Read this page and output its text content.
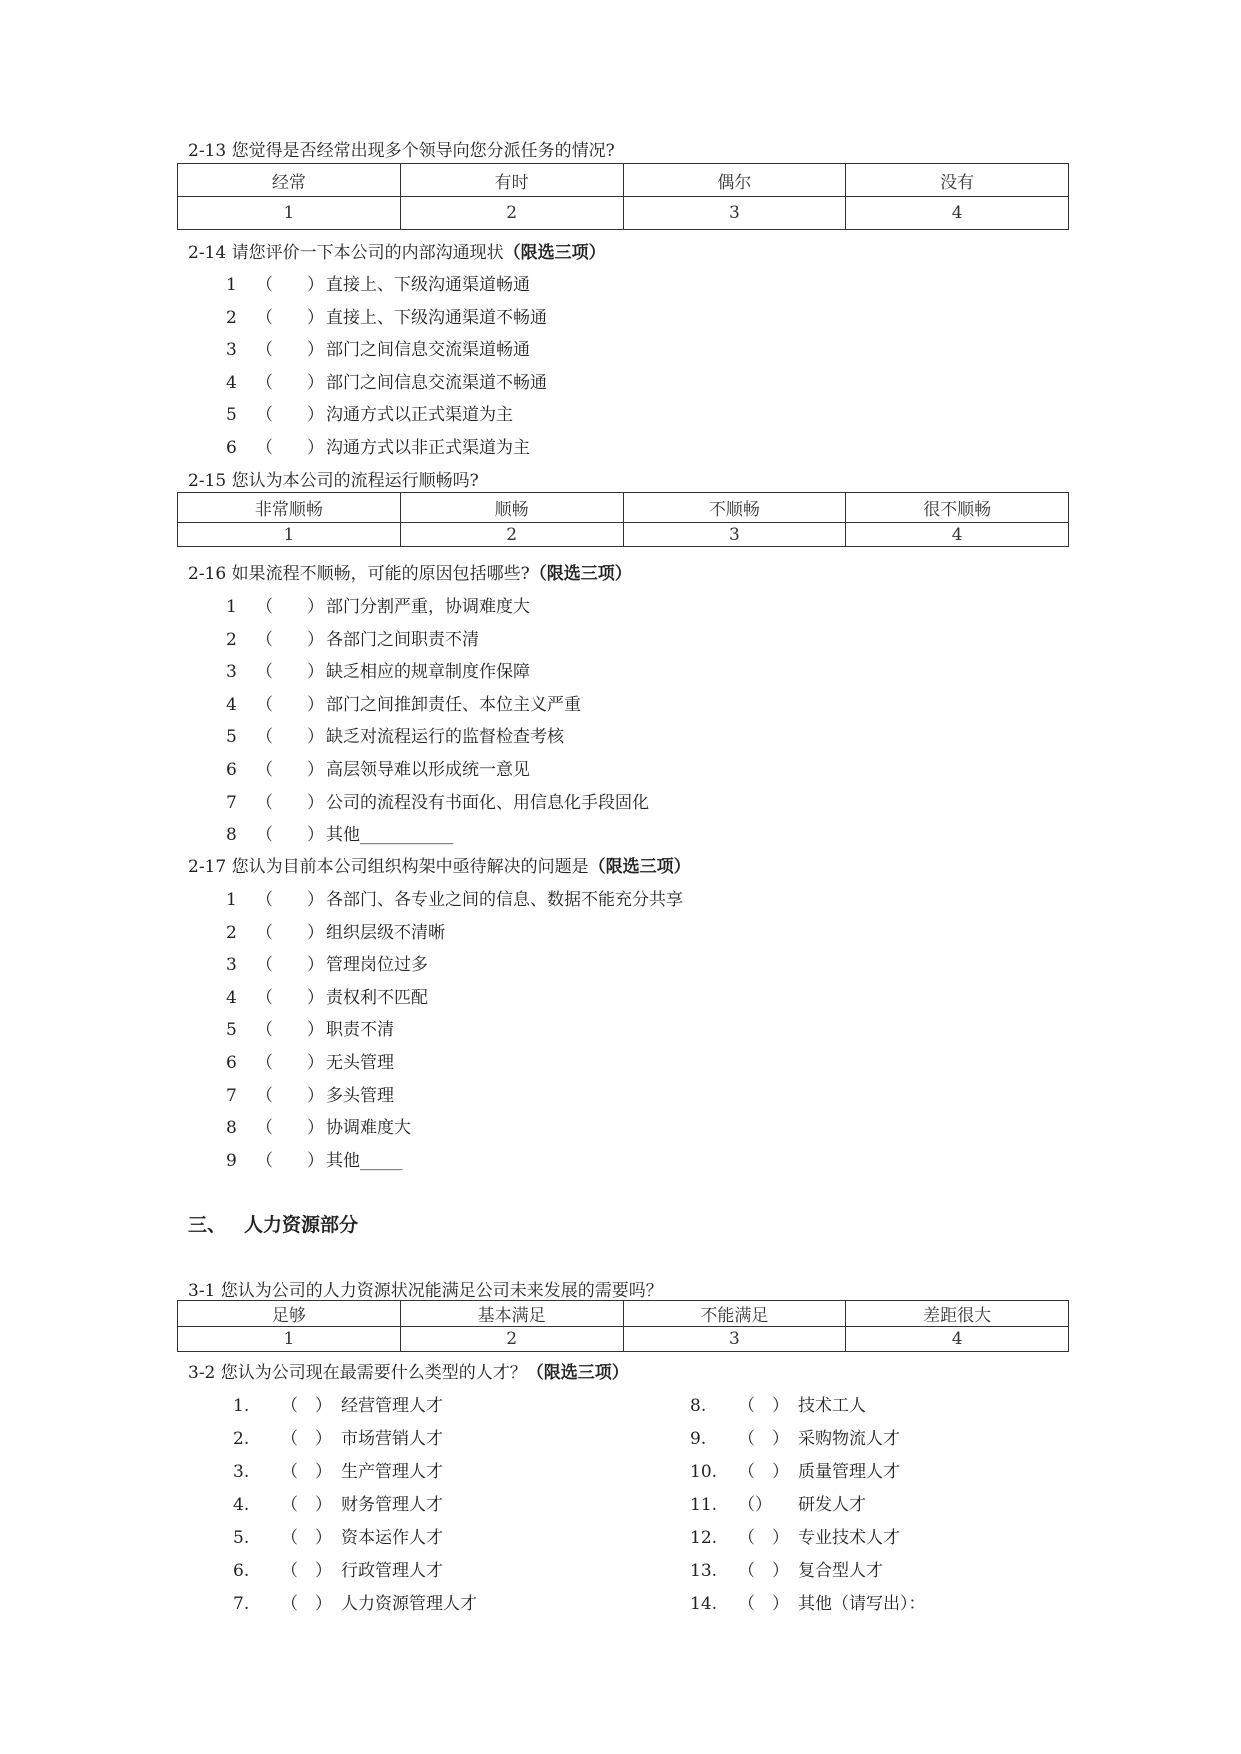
2-13 您觉得是否经常出现多个领导向您分派任务的情况?
经常	有时	偶尔	没有
1	2	3	4
2-14 请您评价一下本公司的内部沟通现状（限选三项）
1 （　　） 直接上、下级沟通渠道畅通
2 （　　） 直接上、下级沟通渠道不畅通
3 （　　） 部门之间信息交流渠道畅通
4 （　　） 部门之间信息交流渠道不畅通
5 （　　） 沟通方式以正式渠道为主
6 （　　） 沟通方式以非正式渠道为主
2-15 您认为本公司的流程运行顺畅吗?
非常顺畅	顺畅	不顺畅	很不顺畅
1	2	3	4
2-16 如果流程不顺畅，可能的原因包括哪些?（限选三项）
1 （　　） 部门分割严重，协调难度大
2 （　　） 各部门之间职责不清
3 （　　） 缺乏相应的规章制度作保障
4 （　　） 部门之间推卸责任、本位主义严重
5 （　　） 缺乏对流程运行的监督检查考核
6 （　　） 高层领导难以形成统一意见
7 （　　） 公司的流程没有书面化、用信息化手段固化
8 （　　） 其他___________
2-17 您认为目前本公司组织构架中亟待解决的问题是（限选三项）
1 （　　） 各部门、各专业之间的信息、数据不能充分共享
2 （　　） 组织层级不清晰
3 （　　） 管理岗位过多
4 （　　） 责权利不匹配
5 （　　） 职责不清
6 （　　） 无头管理
7 （　　） 多头管理
8 （　　） 协调难度大
9 （　　） 其他_____
三、 人力资源部分
3-1 您认为公司的人力资源状况能满足公司未来发展的需要吗？
足够	基本满足	不能满足	差距很大
1	2	3	4
3-2 您认为公司现在最需要什么类型的人才？（限选三项）
1. （　） 经营管理人才
2. （　） 市场营销人才
3. （　） 生产管理人才
4. （　） 财务管理人才
5. （　） 资本运作人才
6. （　） 行政管理人才
7. （　） 人力资源管理人才
8. （　） 技术工人
9. （　） 采购物流人才
10. （　） 质量管理人才
11. （） 研发人才
12. （　） 专业技术人才
13. （　） 复合型人才
14. （　） 其他（请写出）：
